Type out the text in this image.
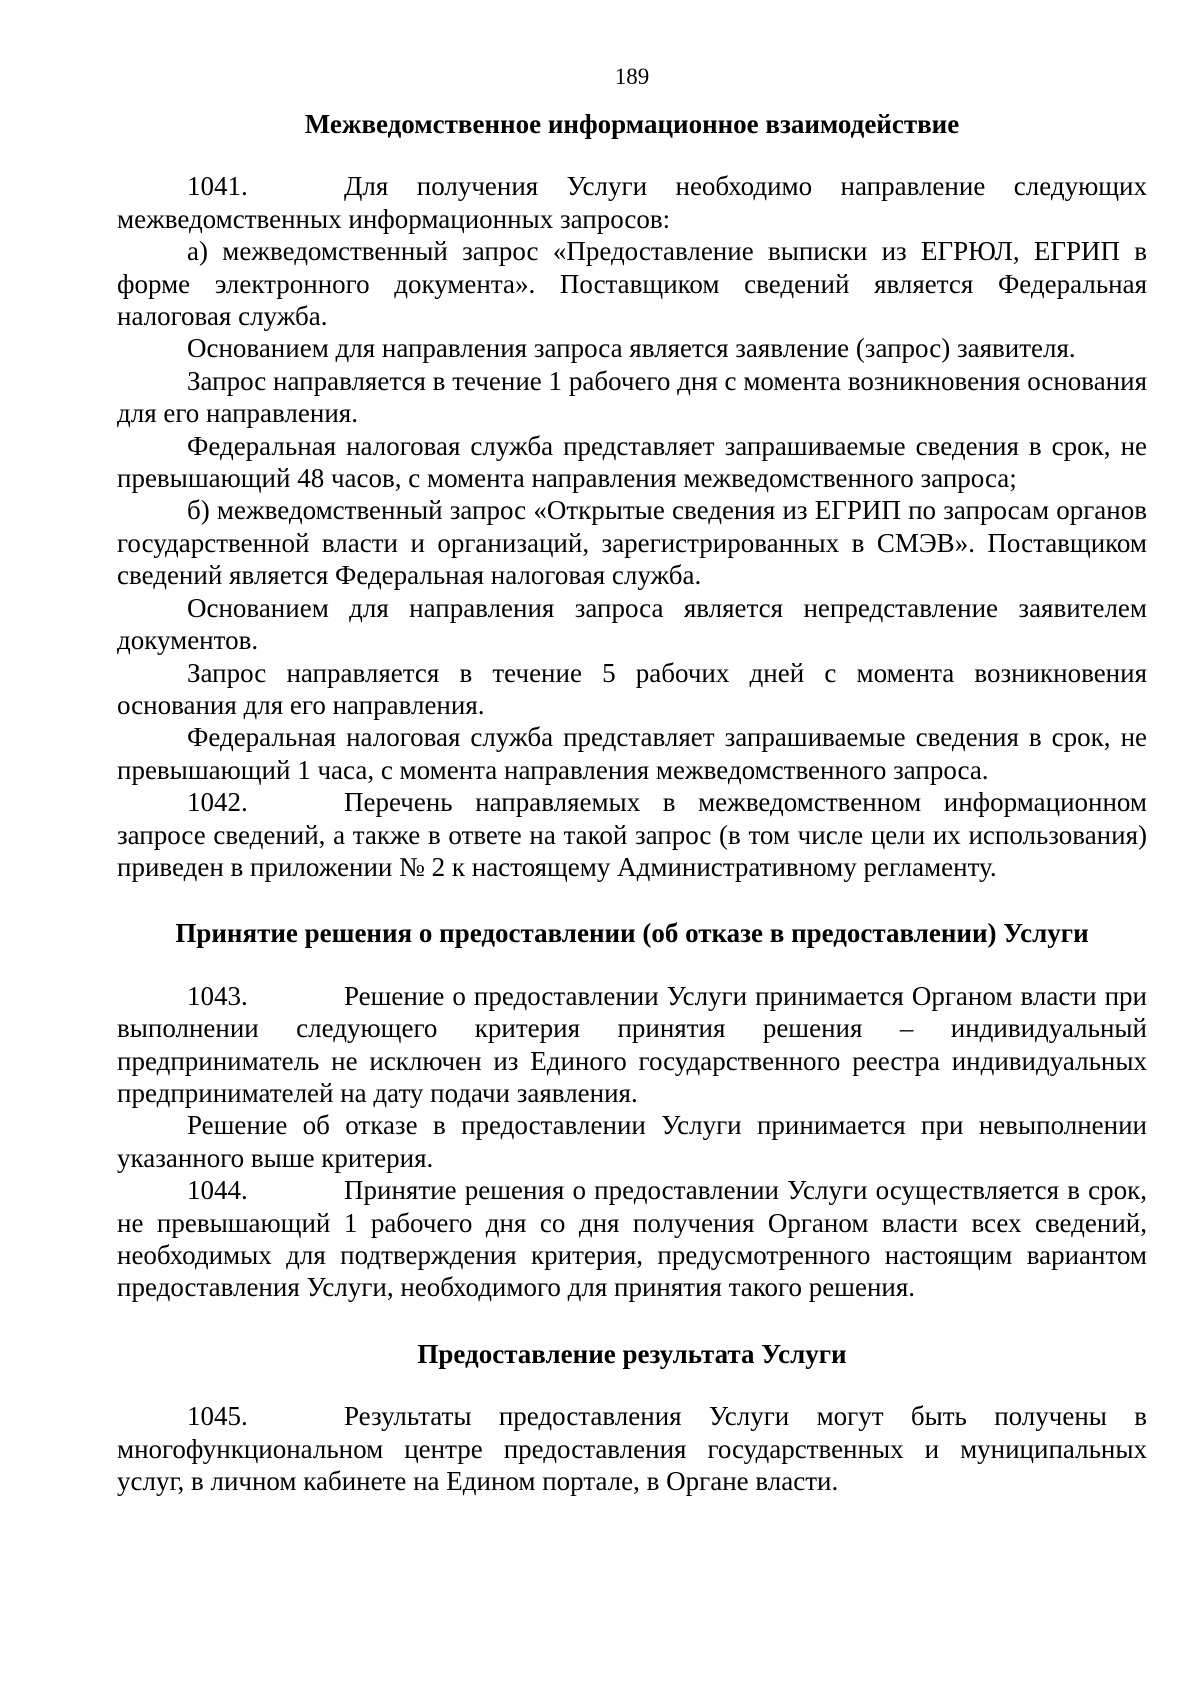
189
Межведомственное информационное взаимодействие

1041.	Для получения Услуги необходимо направление следующих межведомственных информационных запросов:

а) межведомственный запрос «Предоставление выписки из ЕГРЮЛ, ЕГРИП в форме электронного документа». Поставщиком сведений является Федеральная налоговая служба.

Основанием для направления запроса является заявление (запрос) заявителя.

Запрос направляется в течение 1 рабочего дня с момента возникновения основания для его направления.

Федеральная налоговая служба представляет запрашиваемые сведения в срок, не превышающий 48 часов, с момента направления межведомственного запроса;

б) межведомственный запрос «Открытые сведения из ЕГРИП по запросам органов государственной власти и организаций, зарегистрированных в СМЭВ». Поставщиком сведений является Федеральная налоговая служба.

Основанием для направления запроса является непредставление заявителем документов.

Запрос направляется в течение 5 рабочих дней с момента возникновения основания для его направления.

Федеральная налоговая служба представляет запрашиваемые сведения в срок, не превышающий 1 часа, с момента направления межведомственного запроса.

1042.	Перечень направляемых в межведомственном информационном запросе сведений, а также в ответе на такой запрос (в том числе цели их использования) приведен в приложении № 2 к настоящему Административному регламенту.

Принятие решения о предоставлении (об отказе в предоставлении) Услуги

1043.	Решение о предоставлении Услуги принимается Органом власти при выполнении следующего критерия принятия решения – индивидуальный предприниматель не исключен из Единого государственного реестра индивидуальных предпринимателей на дату подачи заявления.

Решение об отказе в предоставлении Услуги принимается при невыполнении указанного выше критерия.

1044.	Принятие решения о предоставлении Услуги осуществляется в срок, не превышающий 1 рабочего дня со дня получения Органом власти всех сведений, необходимых для подтверждения критерия, предусмотренного настоящим вариантом предоставления Услуги, необходимого для принятия такого решения.

Предоставление результата Услуги

1045.	Результаты предоставления Услуги могут быть получены в многофункциональном центре предоставления государственных и муниципальных услуг, в личном кабинете на Едином портале, в Органе власти.
